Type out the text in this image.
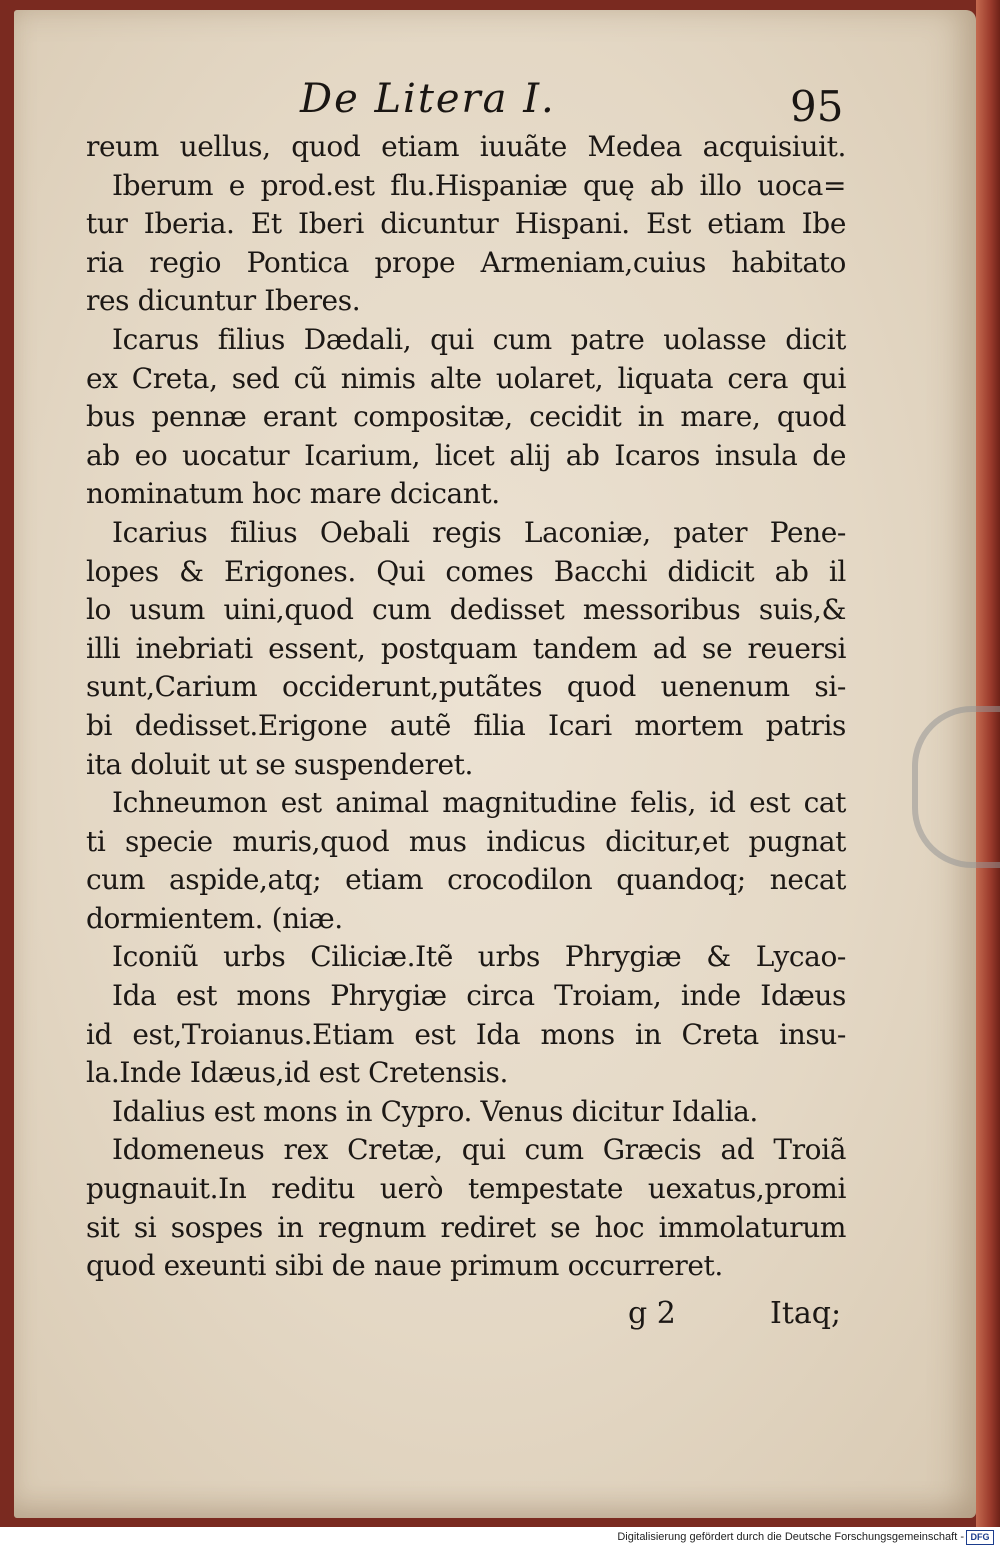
De Litera I.	95
reum uellus, quod etiam iuuãte Medea acquisiuit.
Iberum e prod.est flu.Hispaniæ quę ab illo uoca=
tur Iberia. Et Iberi dicuntur Hispani. Est etiam Ibe
ria regio Pontica prope Armeniam,cuius habitato
res dicuntur Iberes.
Icarus filius Dædali, qui cum patre uolasse dicit
ex Creta, sed cũ nimis alte uolaret, liquata cera qui
bus pennæ erant compositæ, cecidit in mare, quod
ab eo uocatur Icarium, licet alij ab Icaros insula de
nominatum hoc mare dcicant.
Icarius filius Oebali regis Laconiæ, pater Pene-
lopes & Erigones. Qui comes Bacchi didicit ab il
lo usum uini,quod cum dedisset messoribus suis,&
illi inebriati essent, postquam tandem ad se reuersi
sunt,Carium occiderunt,putãtes quod uenenum si-
bi dedisset.Erigone autẽ filia Icari mortem patris
ita doluit ut se suspenderet.
Ichneumon est animal magnitudine felis, id est cat
ti specie muris,quod mus indicus dicitur,et pugnat
cum aspide,atq; etiam crocodilon quandoq; necat
dormientem. (niæ.
Iconiũ urbs Ciliciæ.Itẽ urbs Phrygiæ & Lycao-
Ida est mons Phrygiæ circa Troiam, inde Idæus
id est,Troianus.Etiam est Ida mons in Creta insu-
la.Inde Idæus,id est Cretensis.
Idalius est mons in Cypro. Venus dicitur Idalia.
Idomeneus rex Cretæ, qui cum Græcis ad Troiã
pugnauit.In reditu uerò tempestate uexatus,promi
sit si sospes in regnum rediret se hoc immolaturum
quod exeunti sibi de naue primum occurreret.
g 2	Itaq;
Digitalisierung gefördert durch die Deutsche Forschungsgemeinschaft - DFG
